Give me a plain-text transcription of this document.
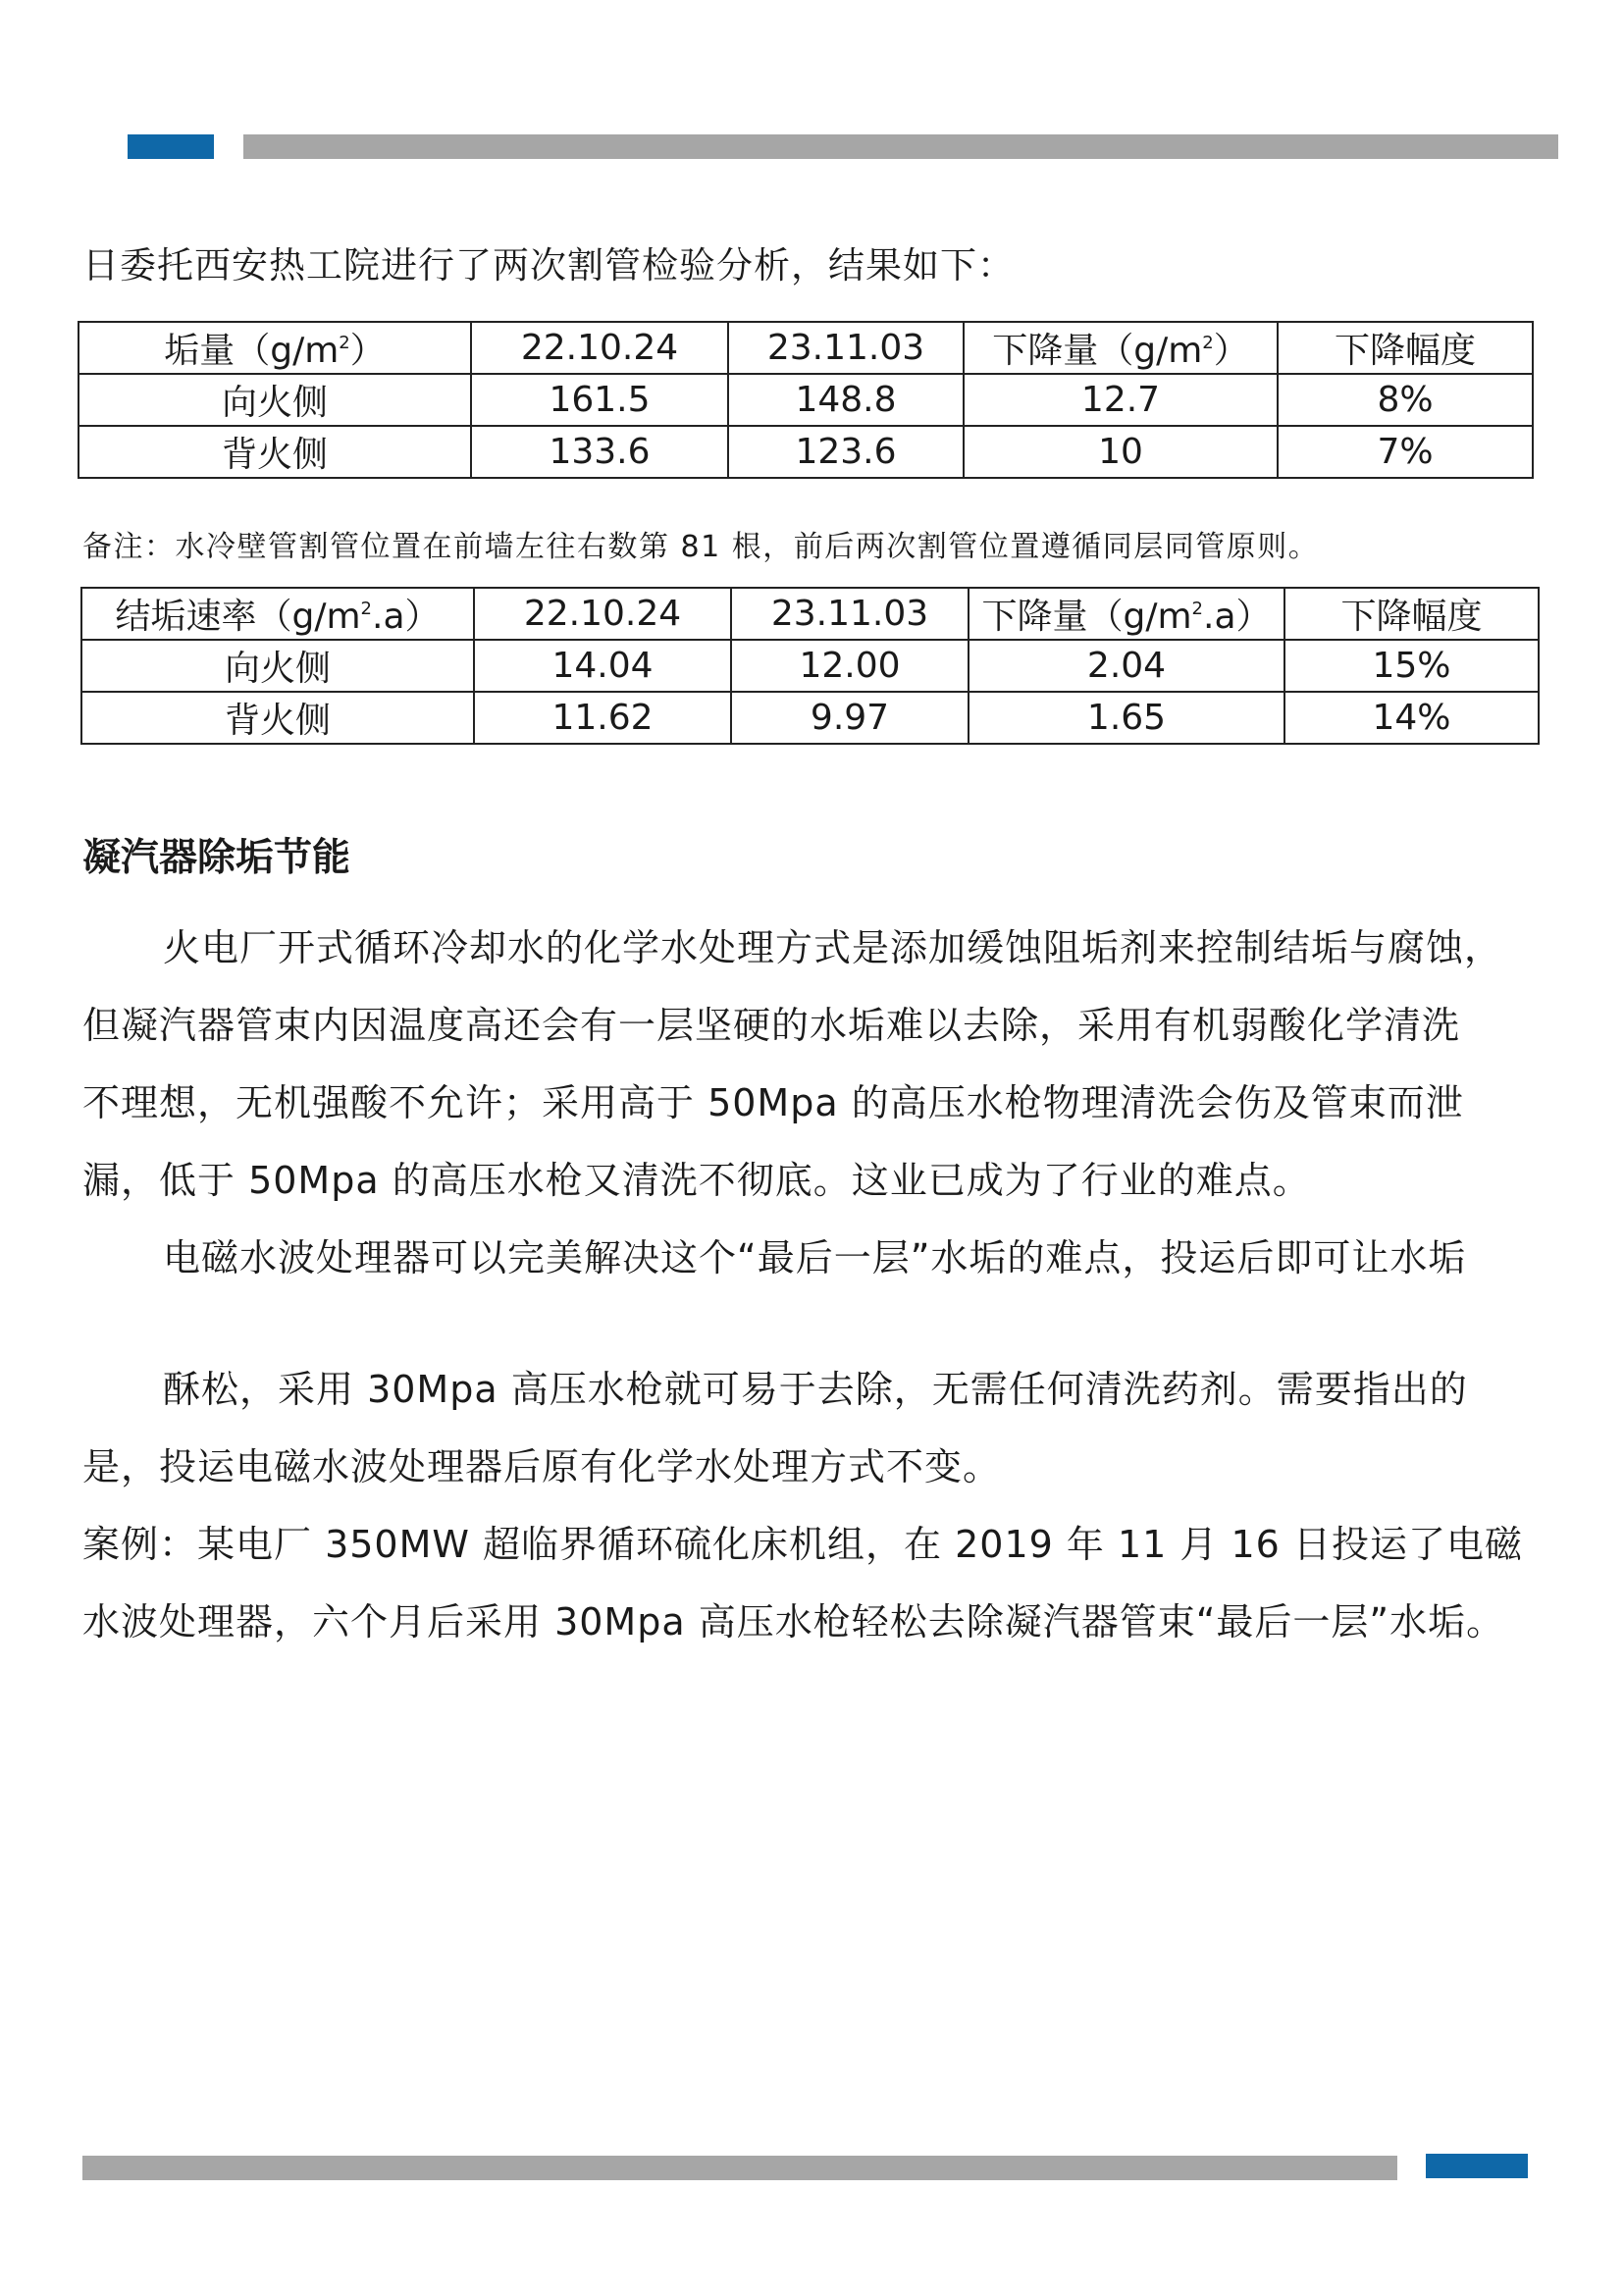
日委托西安热工院进行了两次割管检验分析，结果如下：
垢量$(g/m^2)$	22.10.24	23.11.03	下降量$(g/m^2)$	下降幅度
向火侧	161.5	148.8	12.7	8%
背火侧	133.6	123.6	10	7%
备注：水冷壁管割管位置在前墙左往右数第 81 根，前后两次割管位置遵循同层同管原则。
结垢速率$(g/m^2.a)$	22.10.24	23.11.03	下降量$(g/m^2.a)$	下降幅度
向火侧	14.04	12.00	2.04	15%
背火侧	11.62	9.97	1.65	14%
凝汽器除垢节能
火电厂开式循环冷却水的化学水处理方式是添加缓蚀阻垢剂来控制结垢与腐蚀，
但凝汽器管束内因温度高还会有一层坚硬的水垢难以去除，采用有机弱酸化学清洗
不理想，无机强酸不允许；采用高于 50Mpa 的高压水枪物理清洗会伤及管束而泄
漏，低于 50Mpa 的高压水枪又清洗不彻底。这业已成为了行业的难点。
电磁水波处理器可以完美解决这个“最后一层”水垢的难点，投运后即可让水垢
酥松，采用 30Mpa 高压水枪就可易于去除，无需任何清洗药剂。需要指出的
是，投运电磁水波处理器后原有化学水处理方式不变。
案例：某电厂 350MW 超临界循环硫化床机组，在 2019 年 11 月 16 日投运了电磁
水波处理器，六个月后采用 30Mpa 高压水枪轻松去除凝汽器管束“最后一层”水垢。
